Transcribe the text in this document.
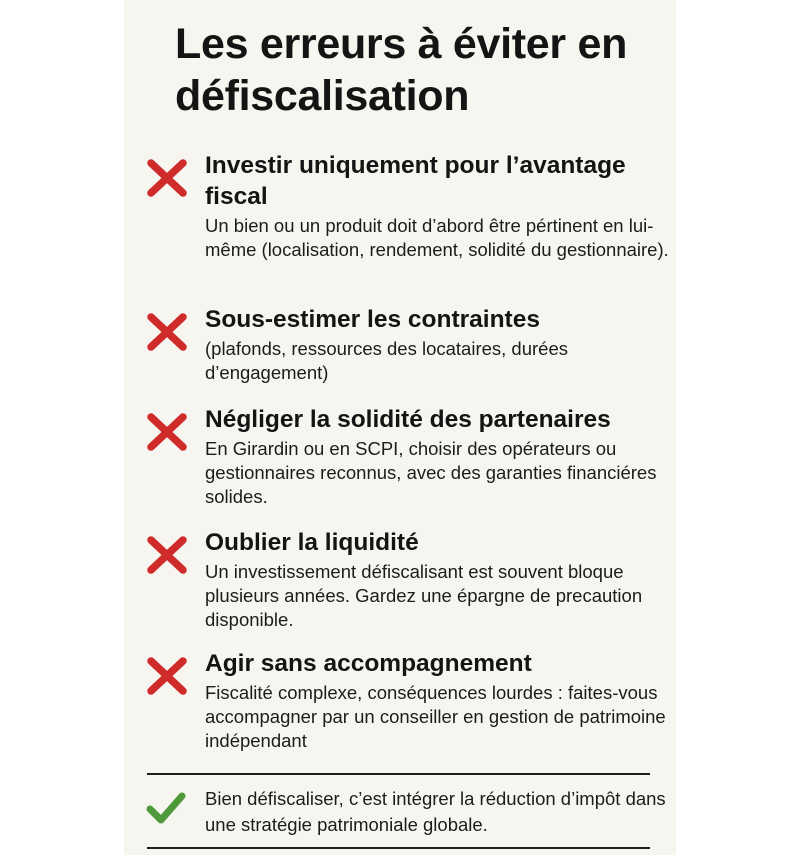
Les erreurs à éviter en défiscalisation

Investir uniquement pour l’avantage fiscal

Un bien ou un produit doit d’abord être pértinent en lui-même (localisation, rendement, solidité du gestionnaire).

Sous-estimer les contraintes

(plafonds, ressources des locataires, durées d’engagement)

Négliger la solidité des partenaires

En Girardin ou en SCPI, choisir des opérateurs ou gestionnaires reconnus, avec des garanties financiéres solides.

Oublier la liquidité

Un investissement défiscalisant est souvent bloque plusieurs années. Gardez une épargne de precaution disponible.

Agir sans accompagnement

Fiscalité complexe, conséquences lourdes : faites-vous accompagner par un conseiller en gestion de patrimoine indépendant

Bien défiscaliser, c’est intégrer la réduction d’impôt dans une stratégie patrimoniale globale.
